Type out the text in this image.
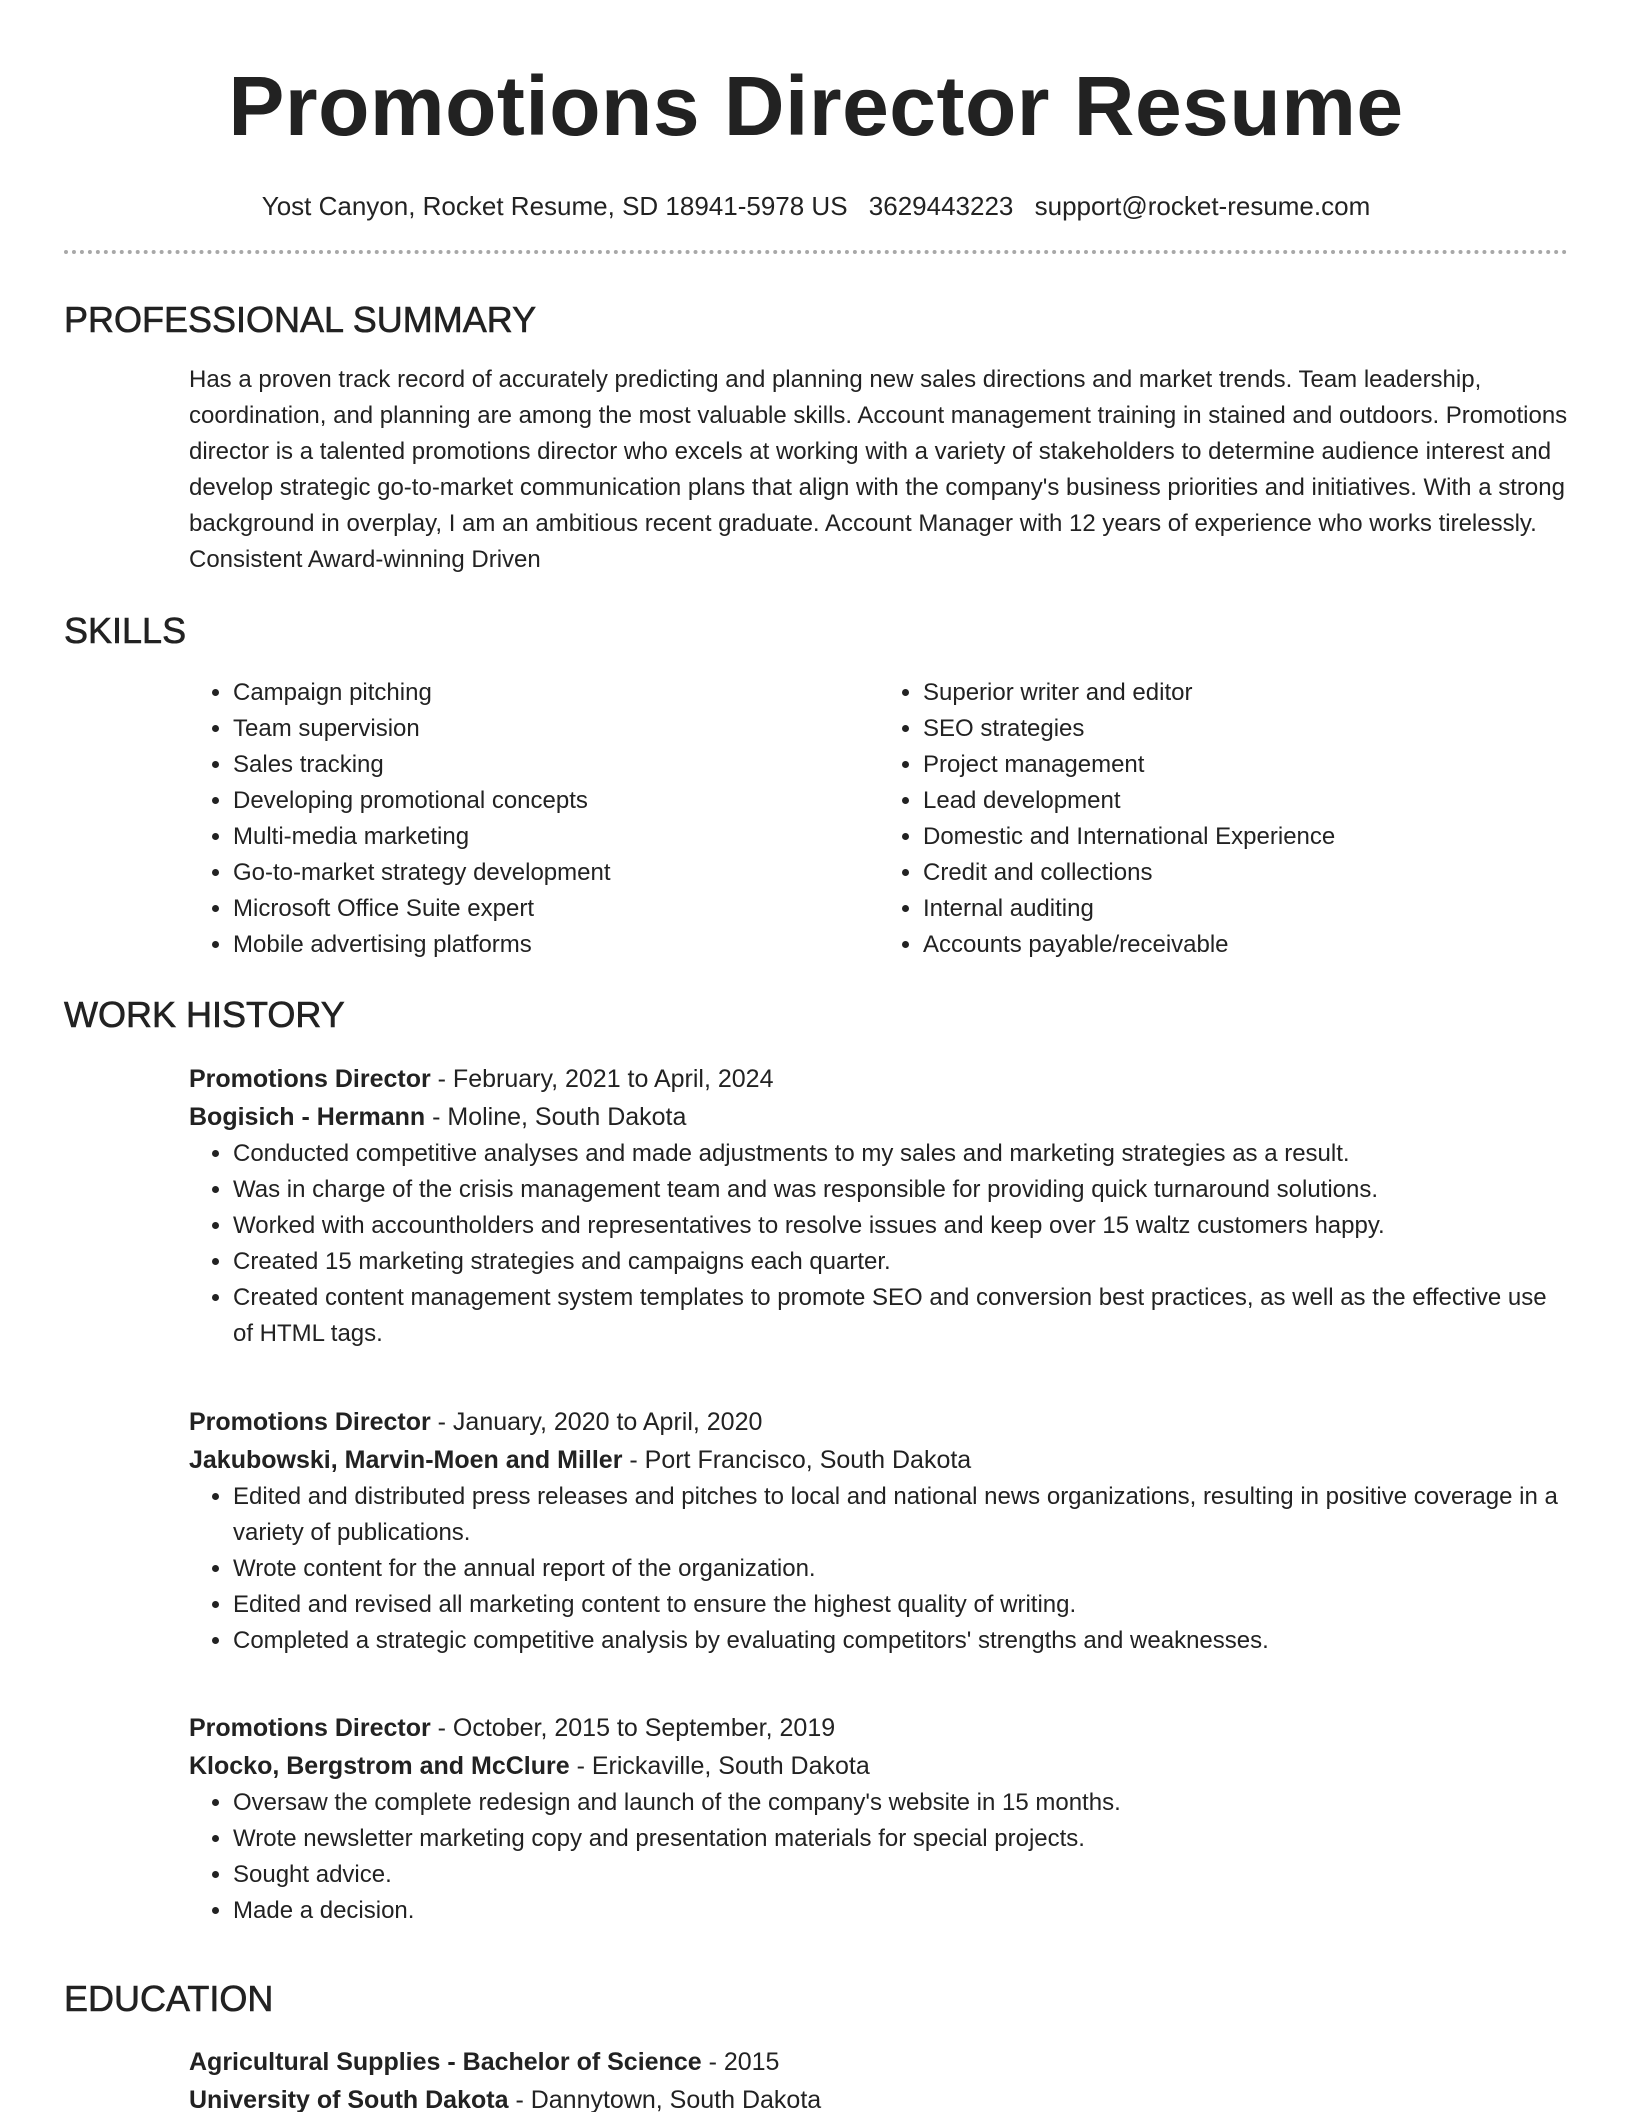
Promotions Director Resume
Yost Canyon, Rocket Resume, SD 18941-5978 US 3629443223 support@rocket-resume.com
PROFESSIONAL SUMMARY

Has a proven track record of accurately predicting and planning new sales directions and market trends. Team leadership, coordination, and planning are among the most valuable skills. Account management training in stained and outdoors. Promotions director is a talented promotions director who excels at working with a variety of stakeholders to determine audience interest and develop strategic go-to-market communication plans that align with the company's business priorities and initiatives. With a strong background in overplay, I am an ambitious recent graduate. Account Manager with 12 years of experience who works tirelessly. Consistent Award-winning Driven

SKILLS
• Campaign pitching
• Team supervision
• Sales tracking
• Developing promotional concepts
• Multi-media marketing
• Go-to-market strategy development
• Microsoft Office Suite expert
• Mobile advertising platforms
• Superior writer and editor
• SEO strategies
• Project management
• Lead development
• Domestic and International Experience
• Credit and collections
• Internal auditing
• Accounts payable/receivable
WORK HISTORY
Promotions Director - February, 2021 to April, 2024
Bogisich - Hermann - Moline, South Dakota
• Conducted competitive analyses and made adjustments to my sales and marketing strategies as a result.
• Was in charge of the crisis management team and was responsible for providing quick turnaround solutions.
• Worked with accountholders and representatives to resolve issues and keep over 15 waltz customers happy.
• Created 15 marketing strategies and campaigns each quarter.
• Created content management system templates to promote SEO and conversion best practices, as well as the effective use of HTML tags.
Promotions Director - January, 2020 to April, 2020
Jakubowski, Marvin-Moen and Miller - Port Francisco, South Dakota
• Edited and distributed press releases and pitches to local and national news organizations, resulting in positive coverage in a variety of publications.
• Wrote content for the annual report of the organization.
• Edited and revised all marketing content to ensure the highest quality of writing.
• Completed a strategic competitive analysis by evaluating competitors' strengths and weaknesses.
Promotions Director - October, 2015 to September, 2019
Klocko, Bergstrom and McClure - Erickaville, South Dakota
• Oversaw the complete redesign and launch of the company's website in 15 months.
• Wrote newsletter marketing copy and presentation materials for special projects.
• Sought advice.
• Made a decision.
EDUCATION
Agricultural Supplies - Bachelor of Science - 2015
University of South Dakota - Dannytown, South Dakota
